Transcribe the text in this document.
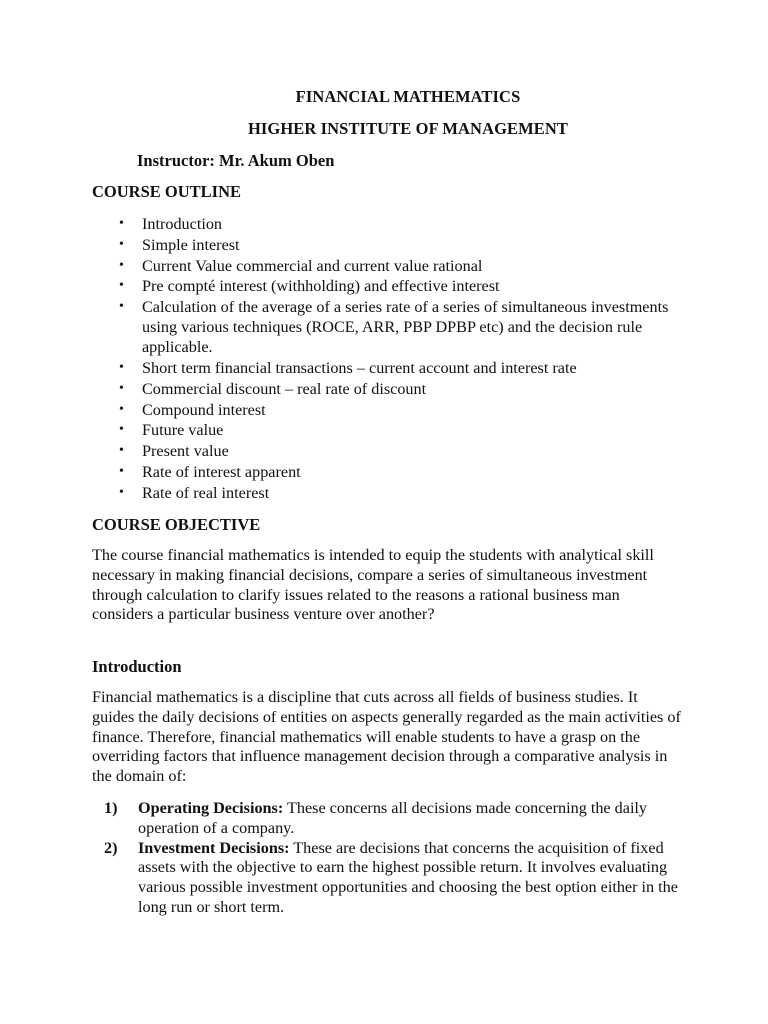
FINANCIAL MATHEMATICS
HIGHER INSTITUTE OF MANAGEMENT
Instructor: Mr. Akum Oben
COURSE OUTLINE
• Introduction
• Simple interest
• Current Value commercial and current value rational
• Pre compté interest (withholding) and effective interest
• Calculation of the average of a series rate of a series of simultaneous investments using various techniques (ROCE, ARR, PBP DPBP etc) and the decision rule applicable.
• Short term financial transactions – current account and interest rate
• Commercial discount – real rate of discount
• Compound interest
• Future value
• Present value
• Rate of interest apparent
• Rate of real interest
COURSE OBJECTIVE

The course financial mathematics is intended to equip the students with analytical skill necessary in making financial decisions, compare a series of simultaneous investment through calculation to clarify issues related to the reasons a rational business man considers a particular business venture over another?

Introduction

Financial mathematics is a discipline that cuts across all fields of business studies. It guides the daily decisions of entities on aspects generally regarded as the main activities of finance. Therefore, financial mathematics will enable students to have a grasp on the overriding factors that influence management decision through a comparative analysis in the domain of:

1) Operating Decisions: These concerns all decisions made concerning the daily operation of a company.
2) Investment Decisions: These are decisions that concerns the acquisition of fixed assets with the objective to earn the highest possible return. It involves evaluating various possible investment opportunities and choosing the best option either in the long run or short term.
